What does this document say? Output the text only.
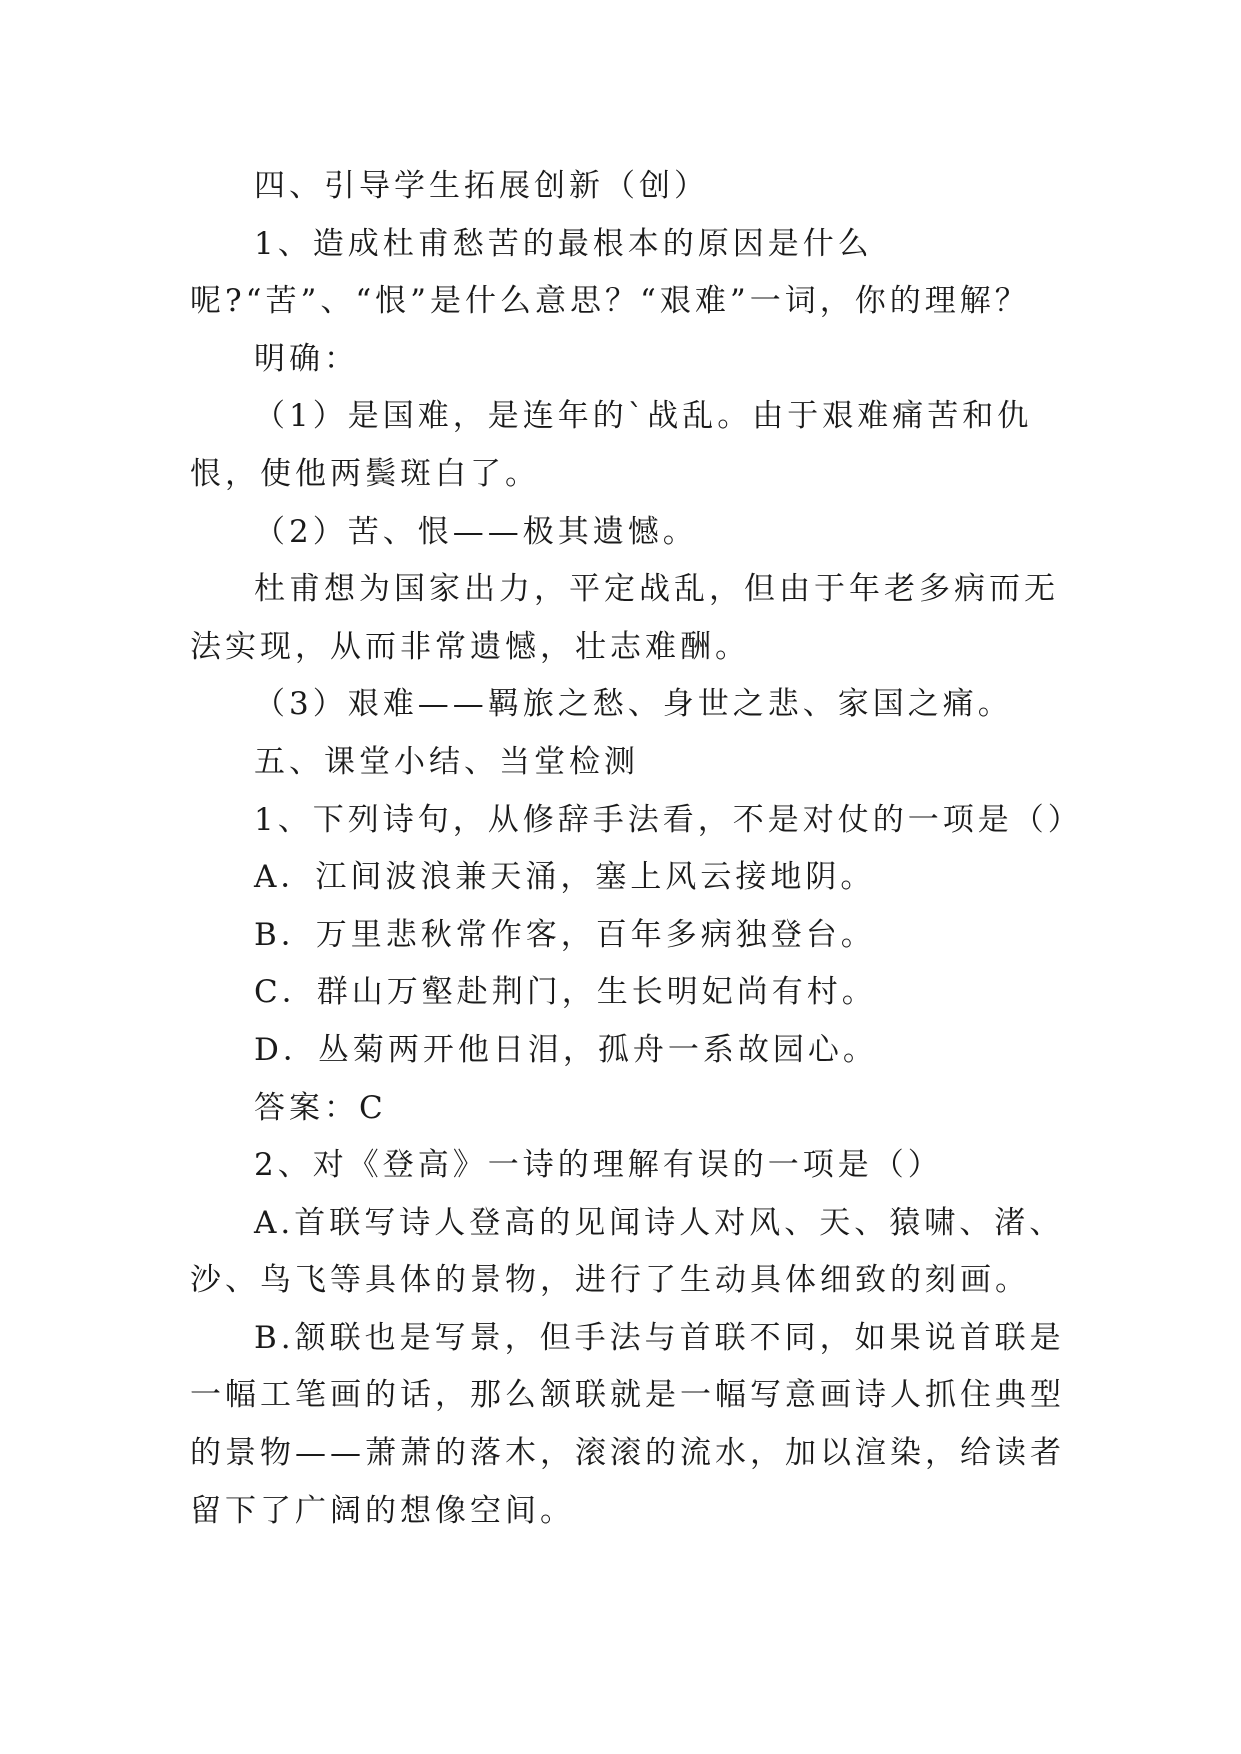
四、引导学生拓展创新（创）

1、造成杜甫愁苦的最根本的原因是什么呢?“苦”、“恨”是什么意思？“艰难”一词，你的理解？

明确：

（1）是国难，是连年的`战乱。由于艰难痛苦和仇恨，使他两鬓斑白了。

（2）苦、恨——极其遗憾。

杜甫想为国家出力，平定战乱，但由于年老多病而无法实现，从而非常遗憾，壮志难酬。

（3）艰难——羁旅之愁、身世之悲、家国之痛。

五、课堂小结、当堂检测

1、下列诗句，从修辞手法看，不是对仗的一项是（）

A．江间波浪兼天涌，塞上风云接地阴。

B．万里悲秋常作客，百年多病独登台。

C．群山万壑赴荆门，生长明妃尚有村。

D．丛菊两开他日泪，孤舟一系故园心。

答案：C

2、对《登高》一诗的理解有误的一项是（）

A.首联写诗人登高的见闻诗人对风、天、猿啸、渚、沙、鸟飞等具体的景物，进行了生动具体细致的刻画。

B.颔联也是写景，但手法与首联不同，如果说首联是一幅工笔画的话，那么颔联就是一幅写意画诗人抓住典型的景物——萧萧的落木，滚滚的流水，加以渲染，给读者留下了广阔的想像空间。
